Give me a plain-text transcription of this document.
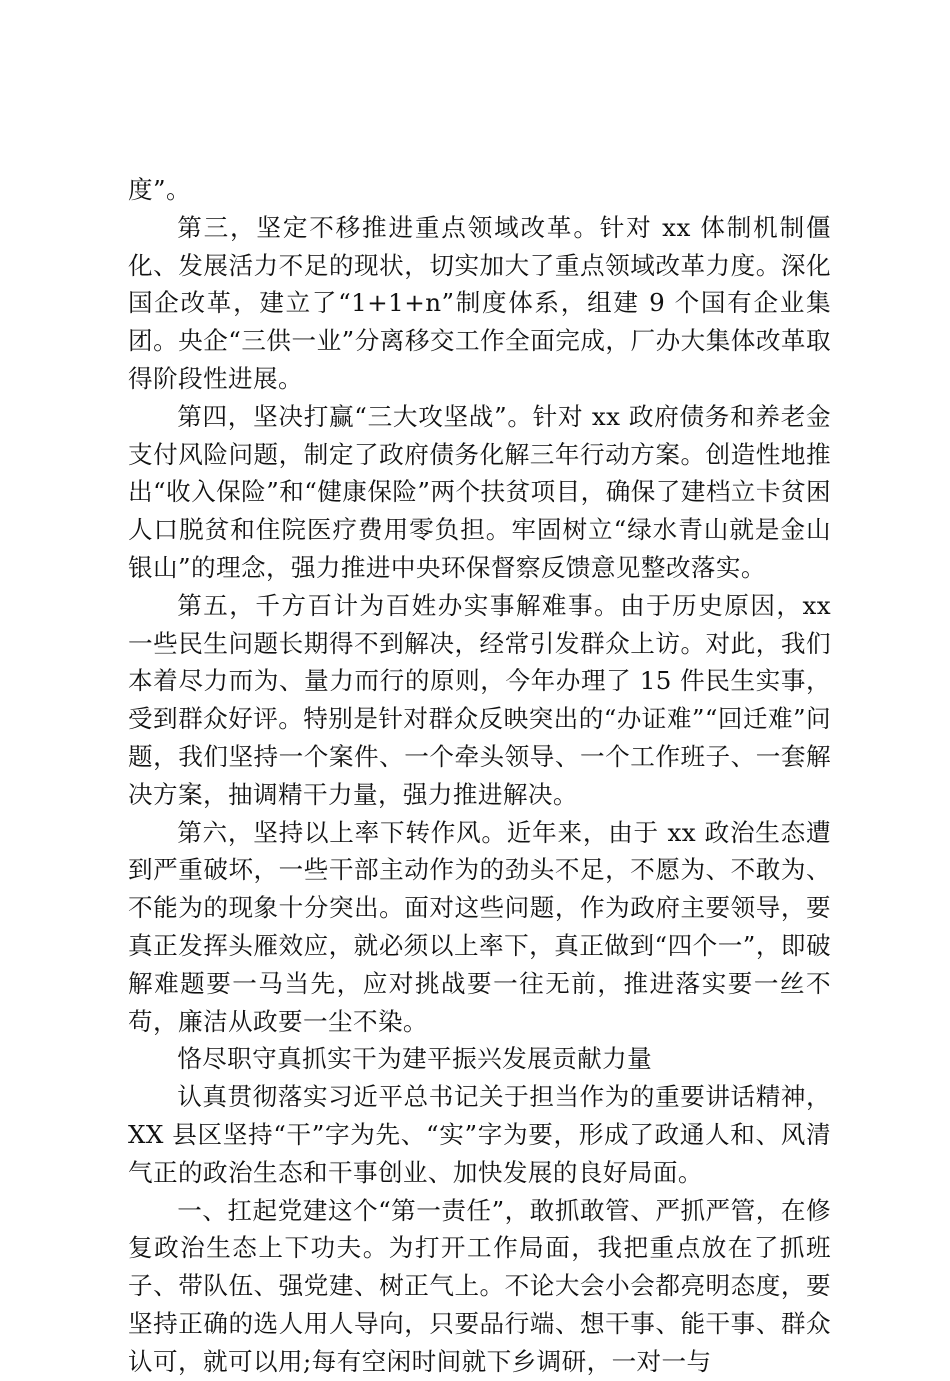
度”。

第三，坚定不移推进重点领域改革。针对 xx 体制机制僵化、发展活力不足的现状，切实加大了重点领域改革力度。深化国企改革，建立了“1+1+n”制度体系，组建 9 个国有企业集团。央企“三供一业”分离移交工作全面完成，厂办大集体改革取得阶段性进展。

第四，坚决打赢“三大攻坚战”。针对 xx 政府债务和养老金支付风险问题，制定了政府债务化解三年行动方案。创造性地推出“收入保险”和“健康保险”两个扶贫项目，确保了建档立卡贫困人口脱贫和住院医疗费用零负担。牢固树立“绿水青山就是金山银山”的理念，强力推进中央环保督察反馈意见整改落实。

第五，千方百计为百姓办实事解难事。由于历史原因，xx 一些民生问题长期得不到解决，经常引发群众上访。对此，我们本着尽力而为、量力而行的原则，今年办理了 15 件民生实事，受到群众好评。特别是针对群众反映突出的“办证难”“回迁难”问题，我们坚持一个案件、一个牵头领导、一个工作班子、一套解决方案，抽调精干力量，强力推进解决。

第六，坚持以上率下转作风。近年来，由于 xx 政治生态遭到严重破坏，一些干部主动作为的劲头不足，不愿为、不敢为、不能为的现象十分突出。面对这些问题，作为政府主要领导，要真正发挥头雁效应，就必须以上率下，真正做到“四个一”，即破解难题要一马当先，应对挑战要一往无前，推进落实要一丝不苟，廉洁从政要一尘不染。

恪尽职守真抓实干为建平振兴发展贡献力量

认真贯彻落实习近平总书记关于担当作为的重要讲话精神，XX 县区坚持“干”字为先、“实”字为要，形成了政通人和、风清气正的政治生态和干事创业、加快发展的良好局面。

一、扛起党建这个“第一责任”，敢抓敢管、严抓严管，在修复政治生态上下功夫。为打开工作局面，我把重点放在了抓班子、带队伍、强党建、树正气上。不论大会小会都亮明态度，要坚持正确的选人用人导向，只要品行端、想干事、能干事、群众认可，就可以用;每有空闲时间就下乡调研，一对一与
